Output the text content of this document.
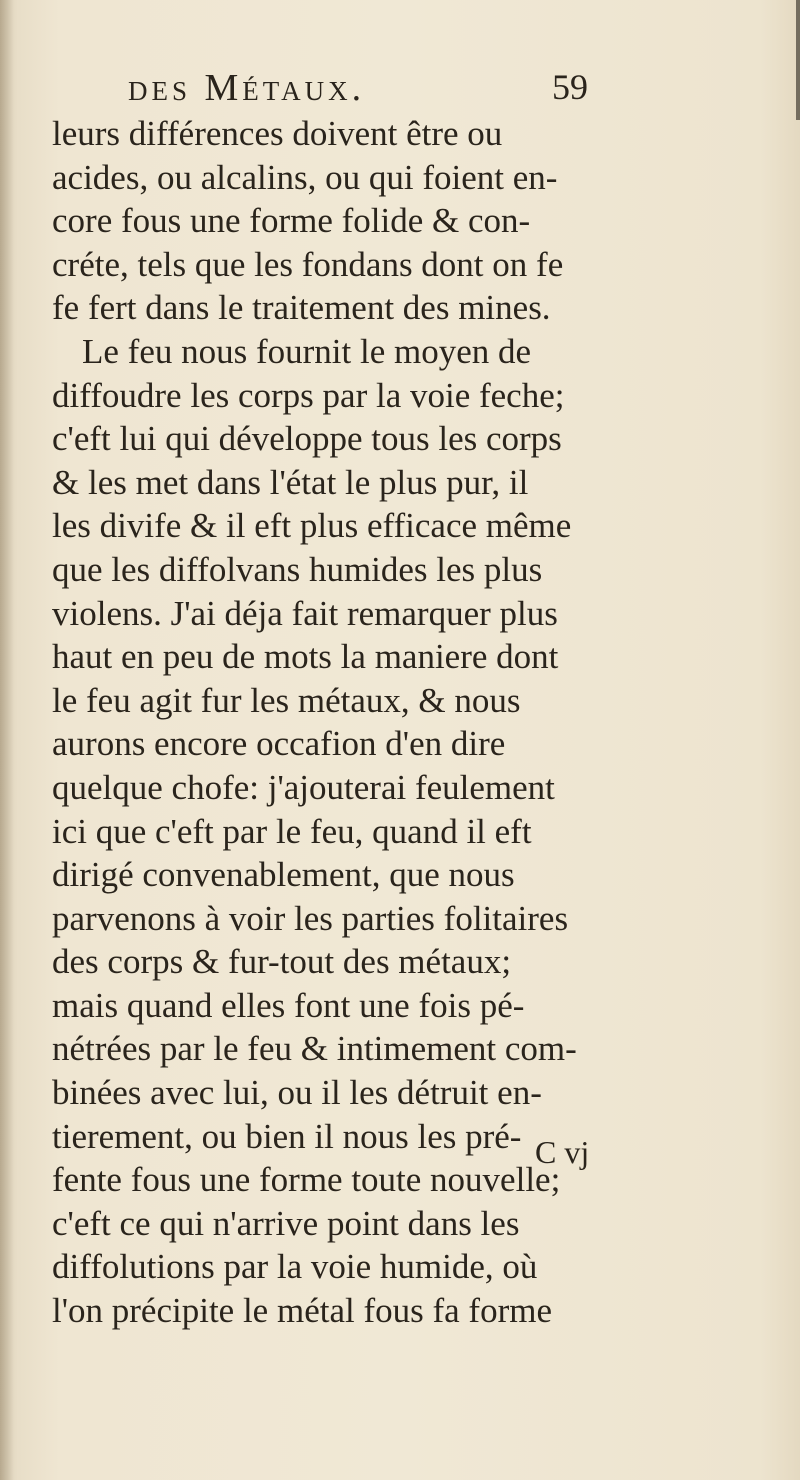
des Métaux.	59
leurs différences doivent être ou
acides, ou alcalins, ou qui foient en-
core fous une forme folide & con-
créte, tels que les fondans dont on fe
fe fert dans le traitement des mines.
Le feu nous fournit le moyen de
diffoudre les corps par la voie feche;
c'eft lui qui développe tous les corps
& les met dans l'état le plus pur, il
les divife & il eft plus efficace même
que les diffolvans humides les plus
violens. J'ai déja fait remarquer plus
haut en peu de mots la maniere dont
le feu agit fur les métaux, & nous
aurons encore occafion d'en dire
quelque chofe: j'ajouterai feulement
ici que c'eft par le feu, quand il eft
dirigé convenablement, que nous
parvenons à voir les parties folitaires
des corps & fur-tout des métaux;
mais quand elles font une fois pé-
nétrées par le feu & intimement com-
binées avec lui, ou il les détruit en-
tierement, ou bien il nous les pré-
fente fous une forme toute nouvelle;
c'eft ce qui n'arrive point dans les
diffolutions par la voie humide, où
l'on précipite le métal fous fa forme
C vj
